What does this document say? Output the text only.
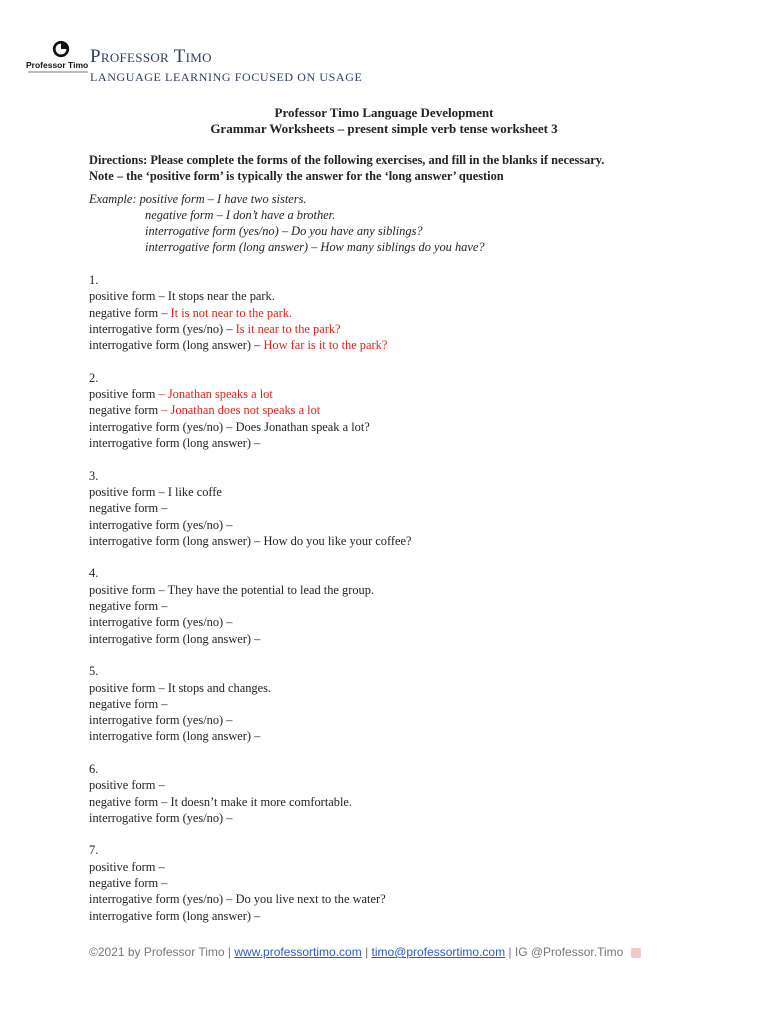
Professor Timo Professor Timo
LANGUAGE LEARNING FOCUSED ON USAGE
Professor Timo Language Development
Grammar Worksheets – present simple verb tense worksheet 3
Directions: Please complete the forms of the following exercises, and fill in the blanks if necessary.
Note – the ‘positive form’ is typically the answer for the ‘long answer’ question
Example: positive form – I have two sisters.
negative form – I don’t have a brother.
interrogative form (yes/no) – Do you have any siblings?
interrogative form (long answer) – How many siblings do you have?
1.
positive form – It stops near the park.
negative form – It is not near to the park.
interrogative form (yes/no) – Is it near to the park?
interrogative form (long answer) – How far is it to the park?
2.
positive form – Jonathan speaks a lot
negative form – Jonathan does not speaks a lot
interrogative form (yes/no) – Does Jonathan speak a lot?
interrogative form (long answer) –
3.
positive form – I like coffe
negative form –
interrogative form (yes/no) –
interrogative form (long answer) – How do you like your coffee?
4.
positive form – They have the potential to lead the group.
negative form –
interrogative form (yes/no) –
interrogative form (long answer) –
5.
positive form – It stops and changes.
negative form –
interrogative form (yes/no) –
interrogative form (long answer) –
6.
positive form –
negative form – It doesn’t make it more comfortable.
interrogative form (yes/no) –
7.
positive form –
negative form –
interrogative form (yes/no) – Do you live next to the water?
interrogative form (long answer) –
©2021 by Professor Timo | www.professortimo.com | timo@professortimo.com | IG @Professor.Timo
